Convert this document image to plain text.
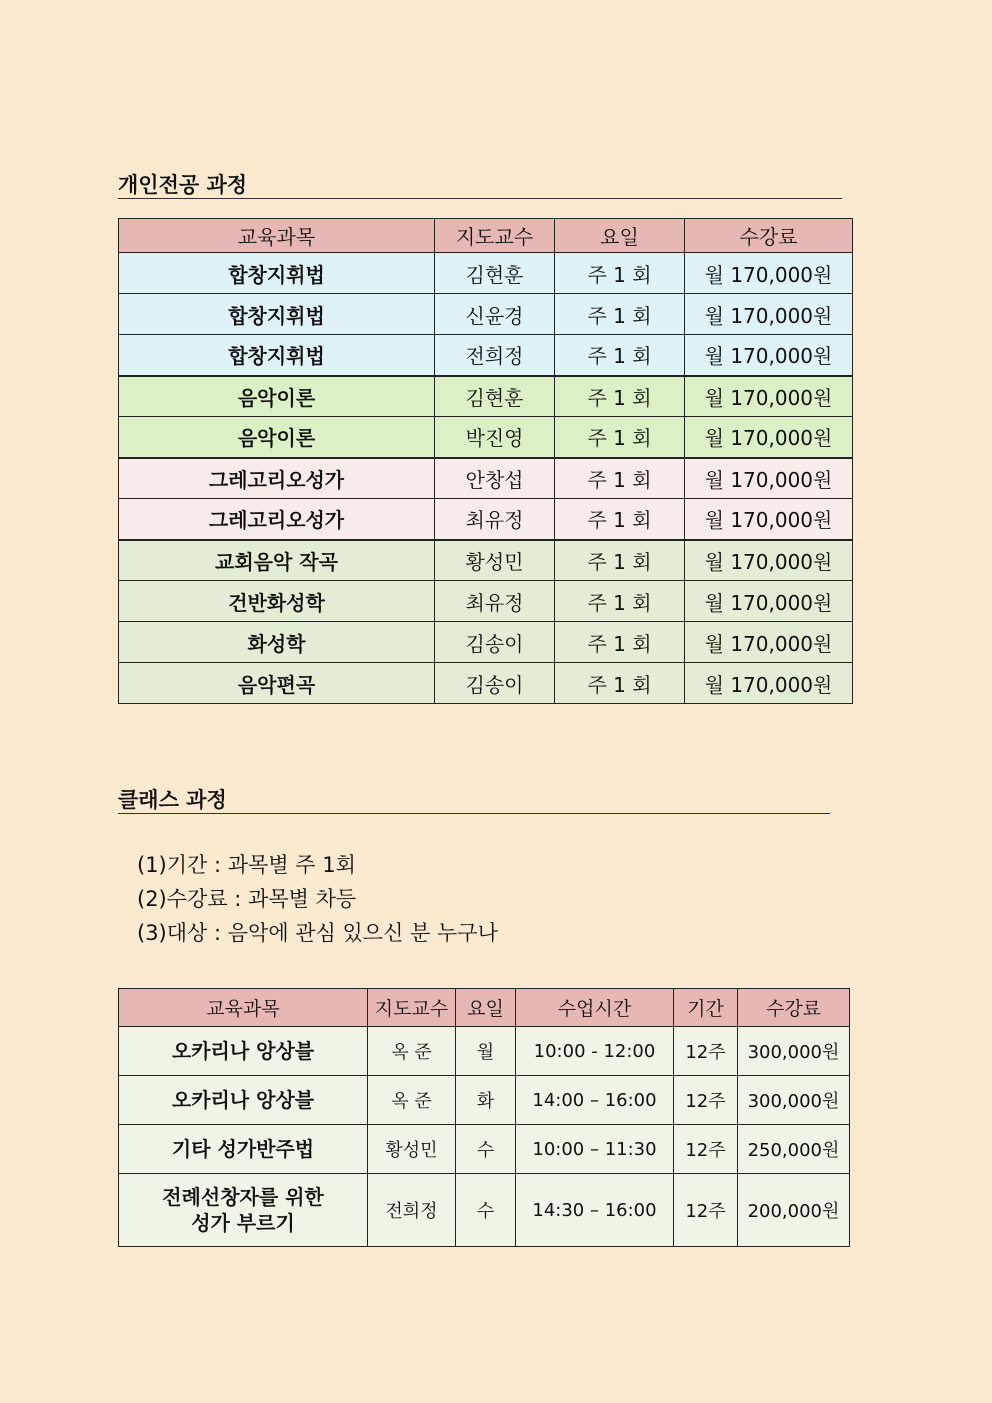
개인전공 과정
교육과목	지도교수	요일	수강료
합창지휘법	김현훈	주 1 회	월 170,000원
합창지휘법	신윤경	주 1 회	월 170,000원
합창지휘법	전희정	주 1 회	월 170,000원
음악이론	김현훈	주 1 회	월 170,000원
음악이론	박진영	주 1 회	월 170,000원
그레고리오성가	안창섭	주 1 회	월 170,000원
그레고리오성가	최유정	주 1 회	월 170,000원
교회음악 작곡	황성민	주 1 회	월 170,000원
건반화성학	최유정	주 1 회	월 170,000원
화성학	김송이	주 1 회	월 170,000원
음악편곡	김송이	주 1 회	월 170,000원
클래스 과정
(1)기간 : 과목별 주 1회
(2)수강료 : 과목별 차등
(3)대상 : 음악에 관심 있으신 분 누구나
교육과목	지도교수	요일	수업시간	기간	수강료
오카리나 앙상블	옥 준	월	10:00 - 12:00	12주	300,000원
오카리나 앙상블	옥 준	화	14:00 – 16:00	12주	300,000원
기타 성가반주법	황성민	수	10:00 – 11:30	12주	250,000원

전례선창자를 위한
성가 부르기	전희정	수	14:30 – 16:00	12주	200,000원
